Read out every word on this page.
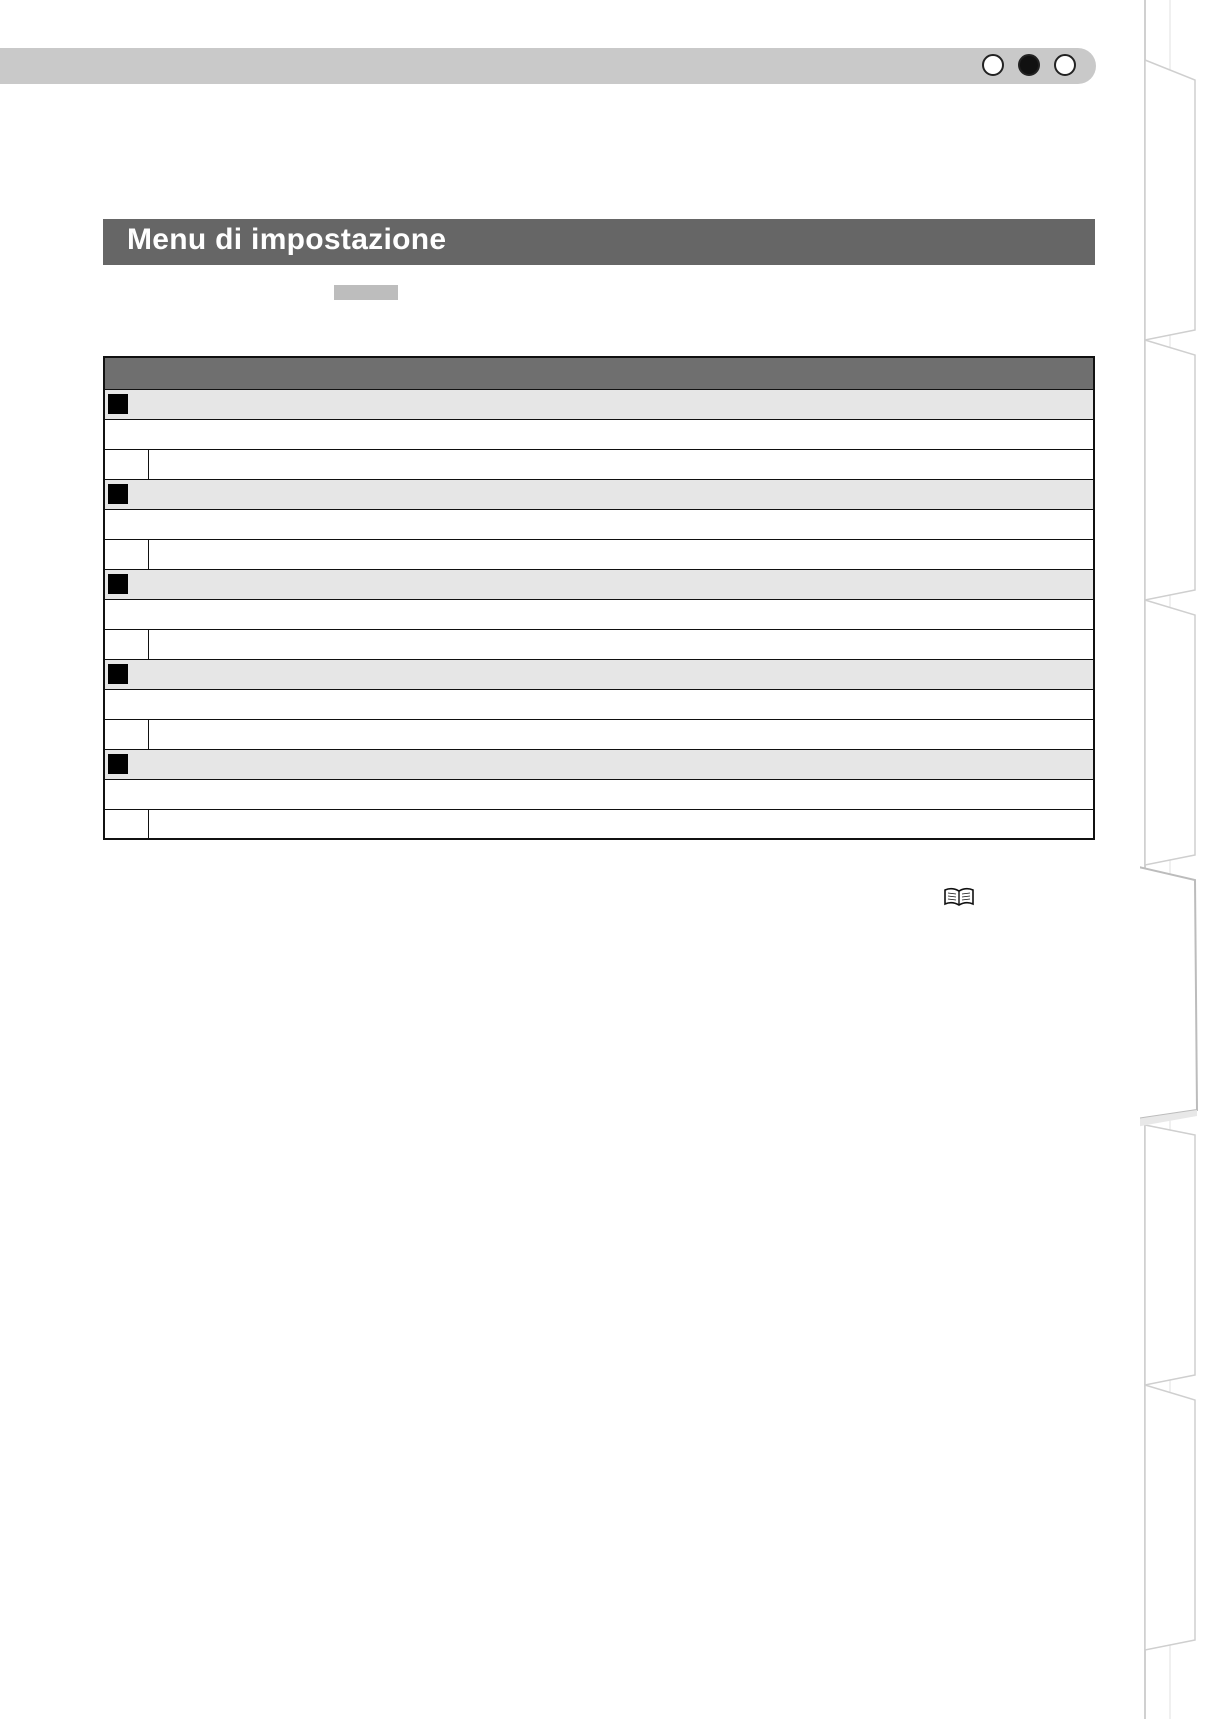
Menu di impostazione
